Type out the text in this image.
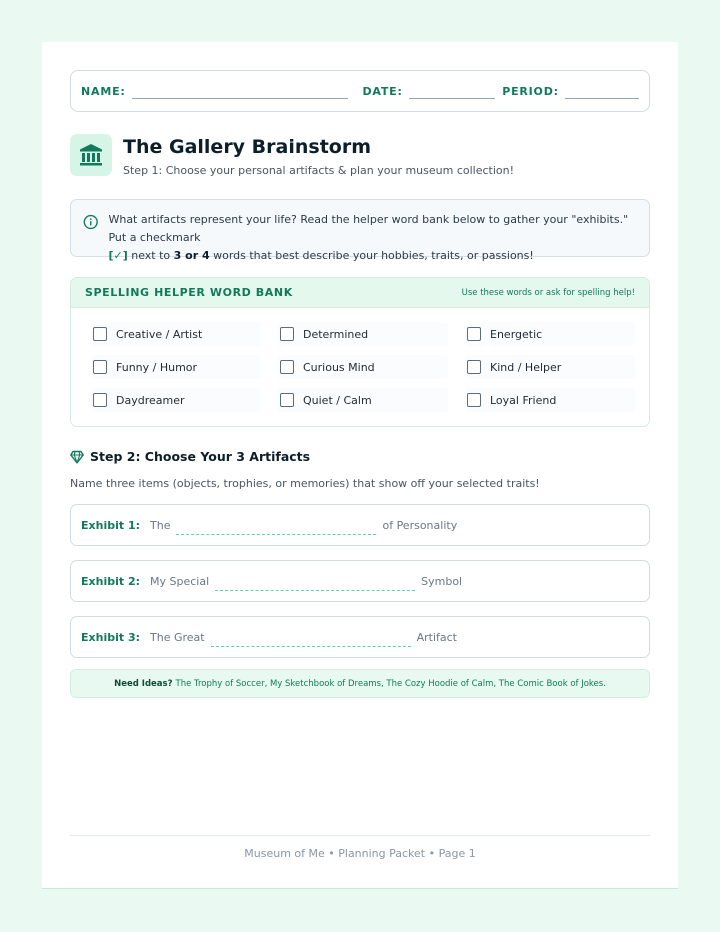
NAME:	DATE:	PERIOD:
The Gallery Brainstorm
Step 1: Choose your personal artifacts & plan your museum collection!
What artifacts represent your life? Read the helper word bank below to gather your "exhibits." Put a checkmark
[✓] next to 3 or 4 words that best describe your hobbies, traits, or passions!
SPELLING HELPER WORD BANK	Use these words or ask for spelling help!
Creative / Artist	Determined	Energetic
Funny / Humor	Curious Mind	Kind / Helper
Daydreamer	Quiet / Calm	Loyal Friend
Step 2: Choose Your 3 Artifacts
Name three items (objects, trophies, or memories) that show off your selected traits!
Exhibit 1: The	of Personality
Exhibit 2: My Special	Symbol
Exhibit 3: The Great	Artifact
Need Ideas? The Trophy of Soccer, My Sketchbook of Dreams, The Cozy Hoodie of Calm, The Comic Book of Jokes.
Museum of Me • Planning Packet • Page 1
